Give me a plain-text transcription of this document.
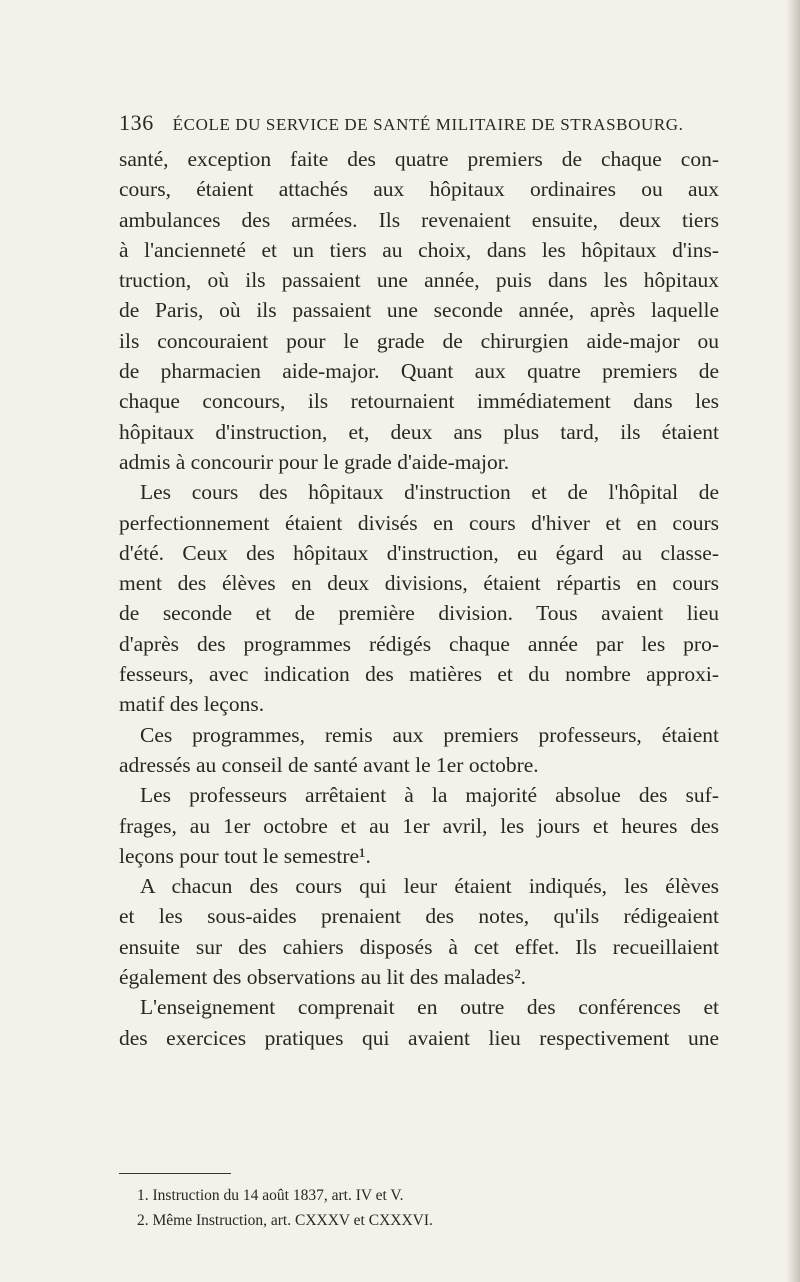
136 ÉCOLE DU SERVICE DE SANTÉ MILITAIRE DE STRASBOURG.
santé, exception faite des quatre premiers de chaque con-
cours, étaient attachés aux hôpitaux ordinaires ou aux
ambulances des armées. Ils revenaient ensuite, deux tiers
à l'ancienneté et un tiers au choix, dans les hôpitaux d'ins-
truction, où ils passaient une année, puis dans les hôpitaux
de Paris, où ils passaient une seconde année, après laquelle
ils concouraient pour le grade de chirurgien aide-major ou
de pharmacien aide-major. Quant aux quatre premiers de
chaque concours, ils retournaient immédiatement dans les
hôpitaux d'instruction, et, deux ans plus tard, ils étaient
admis à concourir pour le grade d'aide-major.
Les cours des hôpitaux d'instruction et de l'hôpital de
perfectionnement étaient divisés en cours d'hiver et en cours
d'été. Ceux des hôpitaux d'instruction, eu égard au classe-
ment des élèves en deux divisions, étaient répartis en cours
de seconde et de première division. Tous avaient lieu
d'après des programmes rédigés chaque année par les pro-
fesseurs, avec indication des matières et du nombre approxi-
matif des leçons.
Ces programmes, remis aux premiers professeurs, étaient
adressés au conseil de santé avant le 1er octobre.
Les professeurs arrêtaient à la majorité absolue des suf-
frages, au 1er octobre et au 1er avril, les jours et heures des
leçons pour tout le semestre¹.
A chacun des cours qui leur étaient indiqués, les élèves
et les sous-aides prenaient des notes, qu'ils rédigeaient
ensuite sur des cahiers disposés à cet effet. Ils recueillaient
également des observations au lit des malades².
L'enseignement comprenait en outre des conférences et
des exercices pratiques qui avaient lieu respectivement une
1. Instruction du 14 août 1837, art. IV et V.
2. Même Instruction, art. CXXXV et CXXXVI.
